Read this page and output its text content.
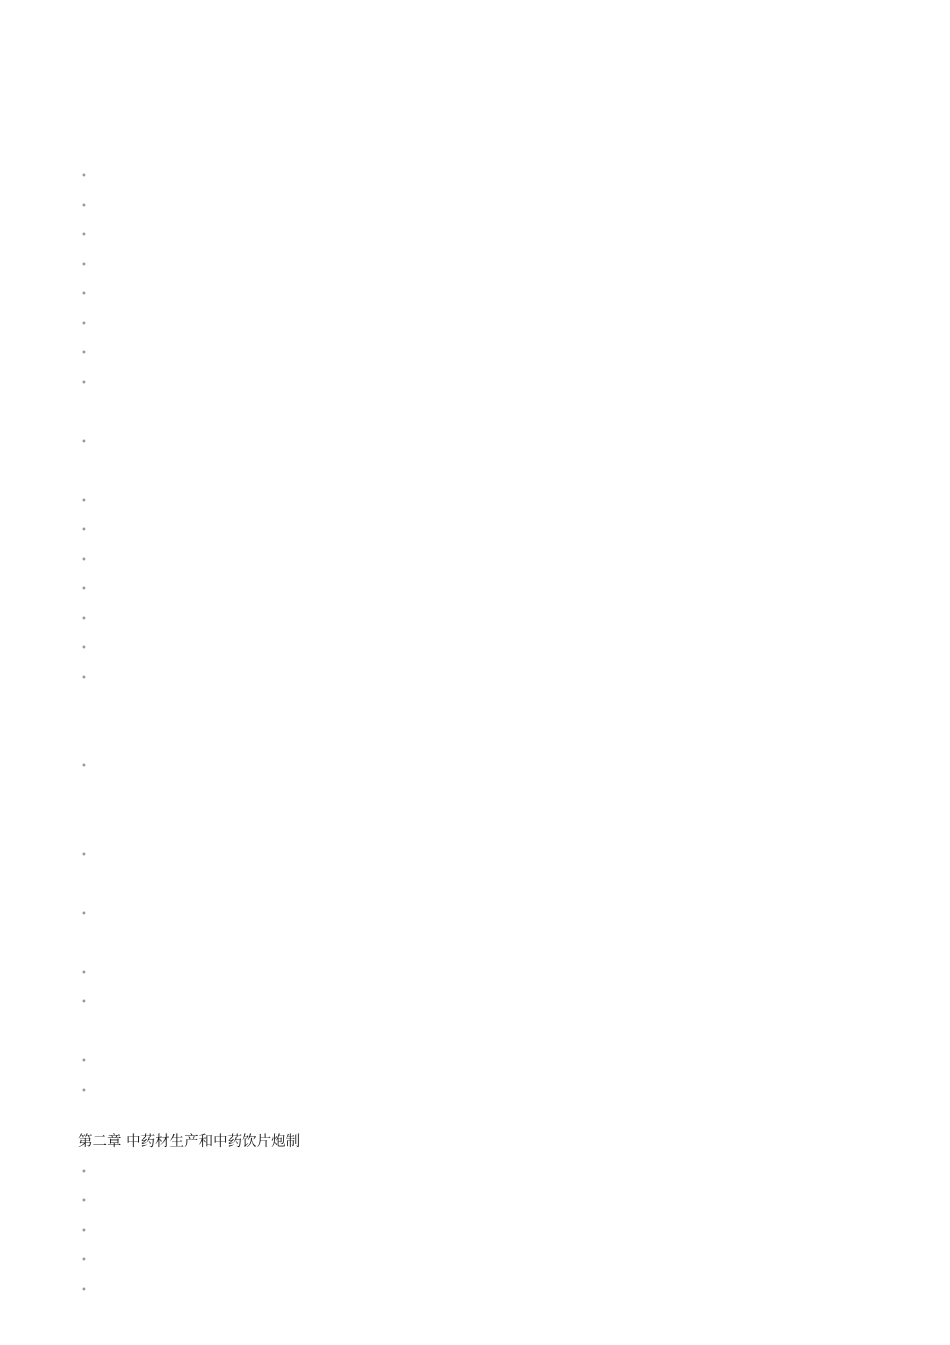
•

•

•

•

•

•

•

•

•

•

•

•

•

•

•

•

•

•

•

•

•

•

•

第二章 中药材生产和中药饮片炮制

•

•

•

•

•
